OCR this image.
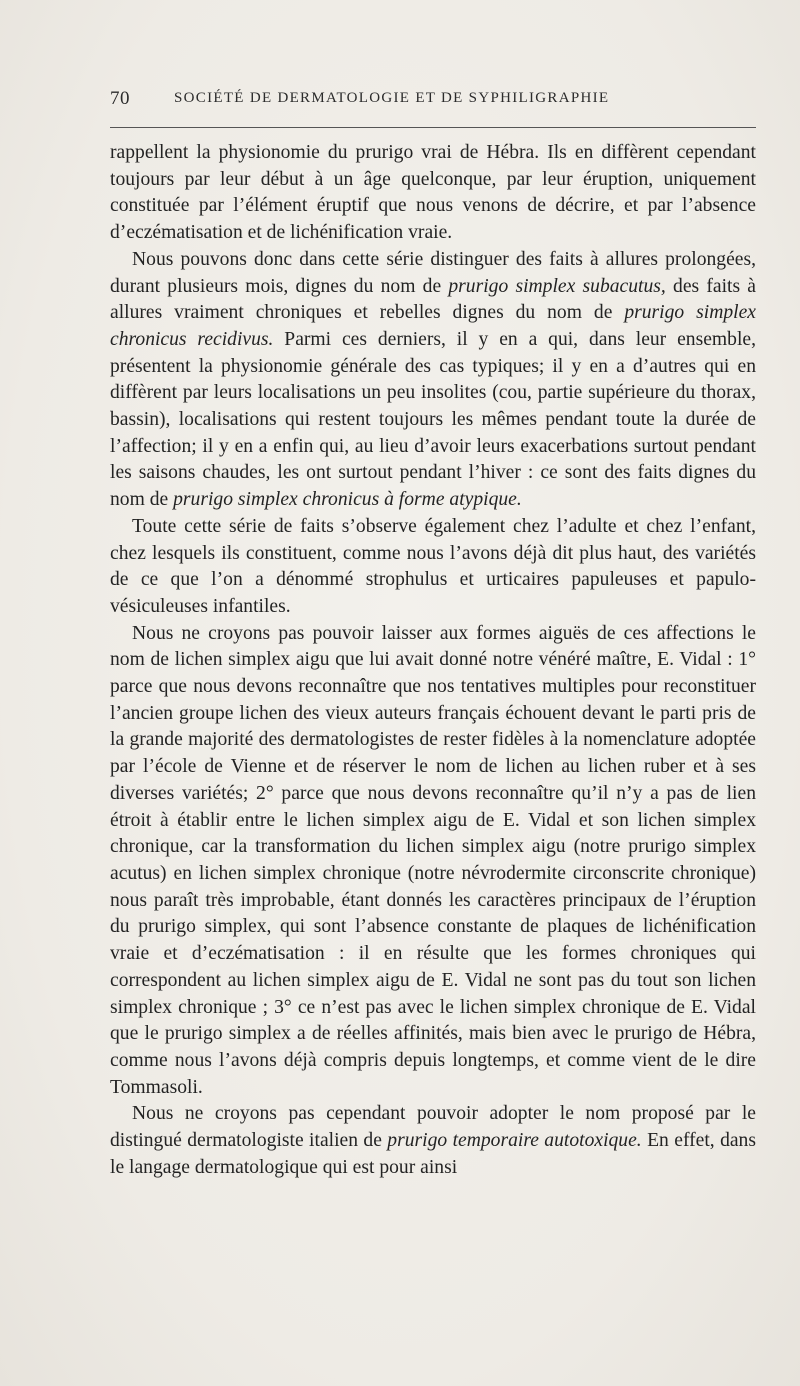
70	SOCIÉTÉ DE DERMATOLOGIE ET DE SYPHILIGRAPHIE

rappellent la physionomie du prurigo vrai de Hébra. Ils en diffèrent cependant toujours par leur début à un âge quelconque, par leur éruption, uniquement constituée par l’élément éruptif que nous venons de décrire, et par l’absence d’eczématisation et de lichénification vraie.

Nous pouvons donc dans cette série distinguer des faits à allures prolongées, durant plusieurs mois, dignes du nom de prurigo simplex subacutus, des faits à allures vraiment chroniques et rebelles dignes du nom de prurigo simplex chronicus recidivus. Parmi ces derniers, il y en a qui, dans leur ensemble, présentent la physionomie générale des cas typiques; il y en a d’autres qui en diffèrent par leurs localisations un peu insolites (cou, partie supérieure du thorax, bassin), localisations qui restent toujours les mêmes pendant toute la durée de l’affection; il y en a enfin qui, au lieu d’avoir leurs exacerbations surtout pendant les saisons chaudes, les ont surtout pendant l’hiver : ce sont des faits dignes du nom de prurigo simplex chronicus à forme atypique.

Toute cette série de faits s’observe également chez l’adulte et chez l’enfant, chez lesquels ils constituent, comme nous l’avons déjà dit plus haut, des variétés de ce que l’on a dénommé strophulus et urticaires papuleuses et papulo-vésiculeuses infantiles.

Nous ne croyons pas pouvoir laisser aux formes aiguës de ces affections le nom de lichen simplex aigu que lui avait donné notre vénéré maître, E. Vidal : 1° parce que nous devons reconnaître que nos tentatives multiples pour reconstituer l’ancien groupe lichen des vieux auteurs français échouent devant le parti pris de la grande majorité des dermatologistes de rester fidèles à la nomenclature adoptée par l’école de Vienne et de réserver le nom de lichen au lichen ruber et à ses diverses variétés; 2° parce que nous devons reconnaître qu’il n’y a pas de lien étroit à établir entre le lichen simplex aigu de E. Vidal et son lichen simplex chronique, car la transformation du lichen simplex aigu (notre prurigo simplex acutus) en lichen simplex chronique (notre névrodermite circonscrite chronique) nous paraît très improbable, étant donnés les caractères principaux de l’éruption du prurigo simplex, qui sont l’absence constante de plaques de lichénification vraie et d’eczématisation : il en résulte que les formes chroniques qui correspondent au lichen simplex aigu de E. Vidal ne sont pas du tout son lichen simplex chronique ; 3° ce n’est pas avec le lichen simplex chronique de E. Vidal que le prurigo simplex a de réelles affinités, mais bien avec le prurigo de Hébra, comme nous l’avons déjà compris depuis longtemps, et comme vient de le dire Tommasoli.

Nous ne croyons pas cependant pouvoir adopter le nom proposé par le distingué dermatologiste italien de prurigo temporaire autotoxique. En effet, dans le langage dermatologique qui est pour ainsi
